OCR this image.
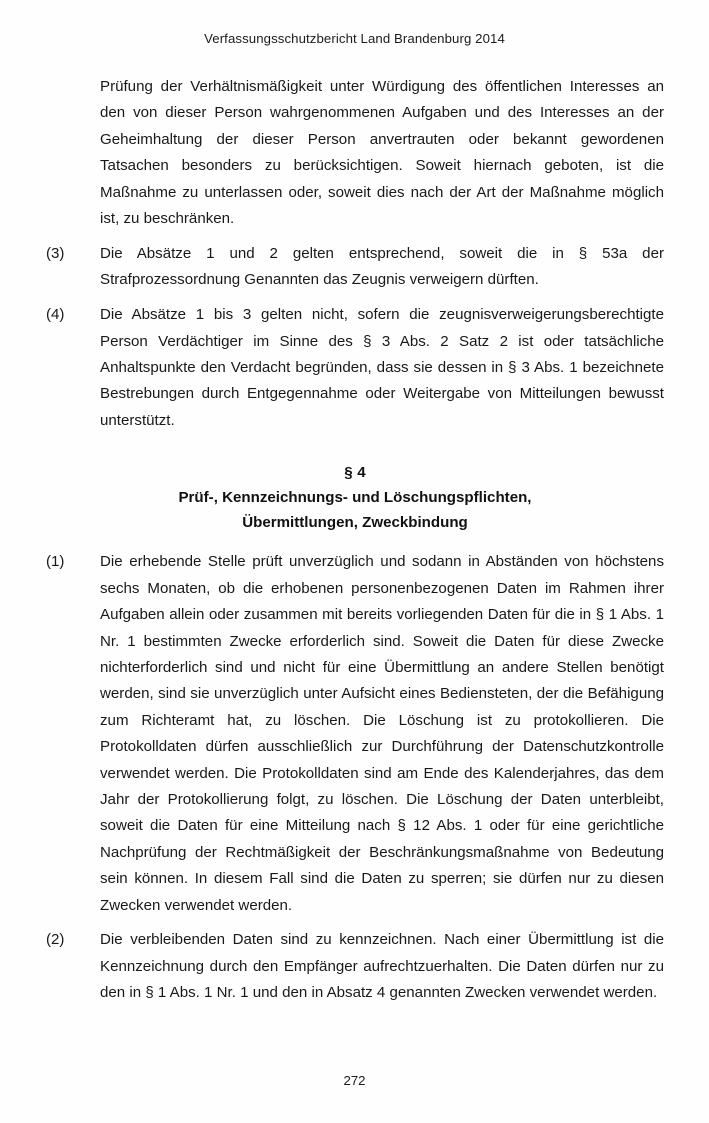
Verfassungsschutzbericht Land Brandenburg 2014

Prüfung der Verhältnismäßigkeit unter Würdigung des öffentlichen Interesses an den von dieser Person wahrgenommenen Aufgaben und des Interesses an der Geheimhaltung der dieser Person anvertrauten oder bekannt gewordenen Tatsachen besonders zu berücksichtigen. Soweit hiernach geboten, ist die Maßnahme zu unterlassen oder, soweit dies nach der Art der Maßnahme möglich ist, zu beschränken.

(3)	Die Absätze 1 und 2 gelten entsprechend, soweit die in § 53a der Strafprozessordnung Genannten das Zeugnis verweigern dürften.

(4)	Die Absätze 1 bis 3 gelten nicht, sofern die zeugnisverweigerungsberechtigte Person Verdächtiger im Sinne des § 3 Abs. 2 Satz 2 ist oder tatsächliche Anhaltspunkte den Verdacht begründen, dass sie dessen in § 3 Abs. 1 bezeichnete Bestrebungen durch Entgegennahme oder Weitergabe von Mitteilungen bewusst unterstützt.

§ 4
Prüf-, Kennzeichnungs- und Löschungspflichten,
Übermittlungen, Zweckbindung

(1)	Die erhebende Stelle prüft unverzüglich und sodann in Abständen von höchstens sechs Monaten, ob die erhobenen personenbezogenen Daten im Rahmen ihrer Aufgaben allein oder zusammen mit bereits vorliegenden Daten für die in § 1 Abs. 1 Nr. 1 bestimmten Zwecke erforderlich sind. Soweit die Daten für diese Zwecke nichterforderlich sind und nicht für eine Übermittlung an andere Stellen benötigt werden, sind sie unverzüglich unter Aufsicht eines Bediensteten, der die Befähigung zum Richteramt hat, zu löschen. Die Löschung ist zu protokollieren. Die Protokolldaten dürfen ausschließlich zur Durchführung der Datenschutzkontrolle verwendet werden. Die Protokolldaten sind am Ende des Kalenderjahres, das dem Jahr der Protokollierung folgt, zu löschen. Die Löschung der Daten unterbleibt, soweit die Daten für eine Mitteilung nach § 12 Abs. 1 oder für eine gerichtliche Nachprüfung der Rechtmäßigkeit der Beschränkungsmaßnahme von Bedeutung sein können. In diesem Fall sind die Daten zu sperren; sie dürfen nur zu diesen Zwecken verwendet werden.

(2)	Die verbleibenden Daten sind zu kennzeichnen. Nach einer Übermittlung ist die Kennzeichnung durch den Empfänger aufrechtzuerhalten. Die Daten dürfen nur zu den in § 1 Abs. 1 Nr. 1 und den in Absatz 4 genannten Zwecken verwendet werden.

272
